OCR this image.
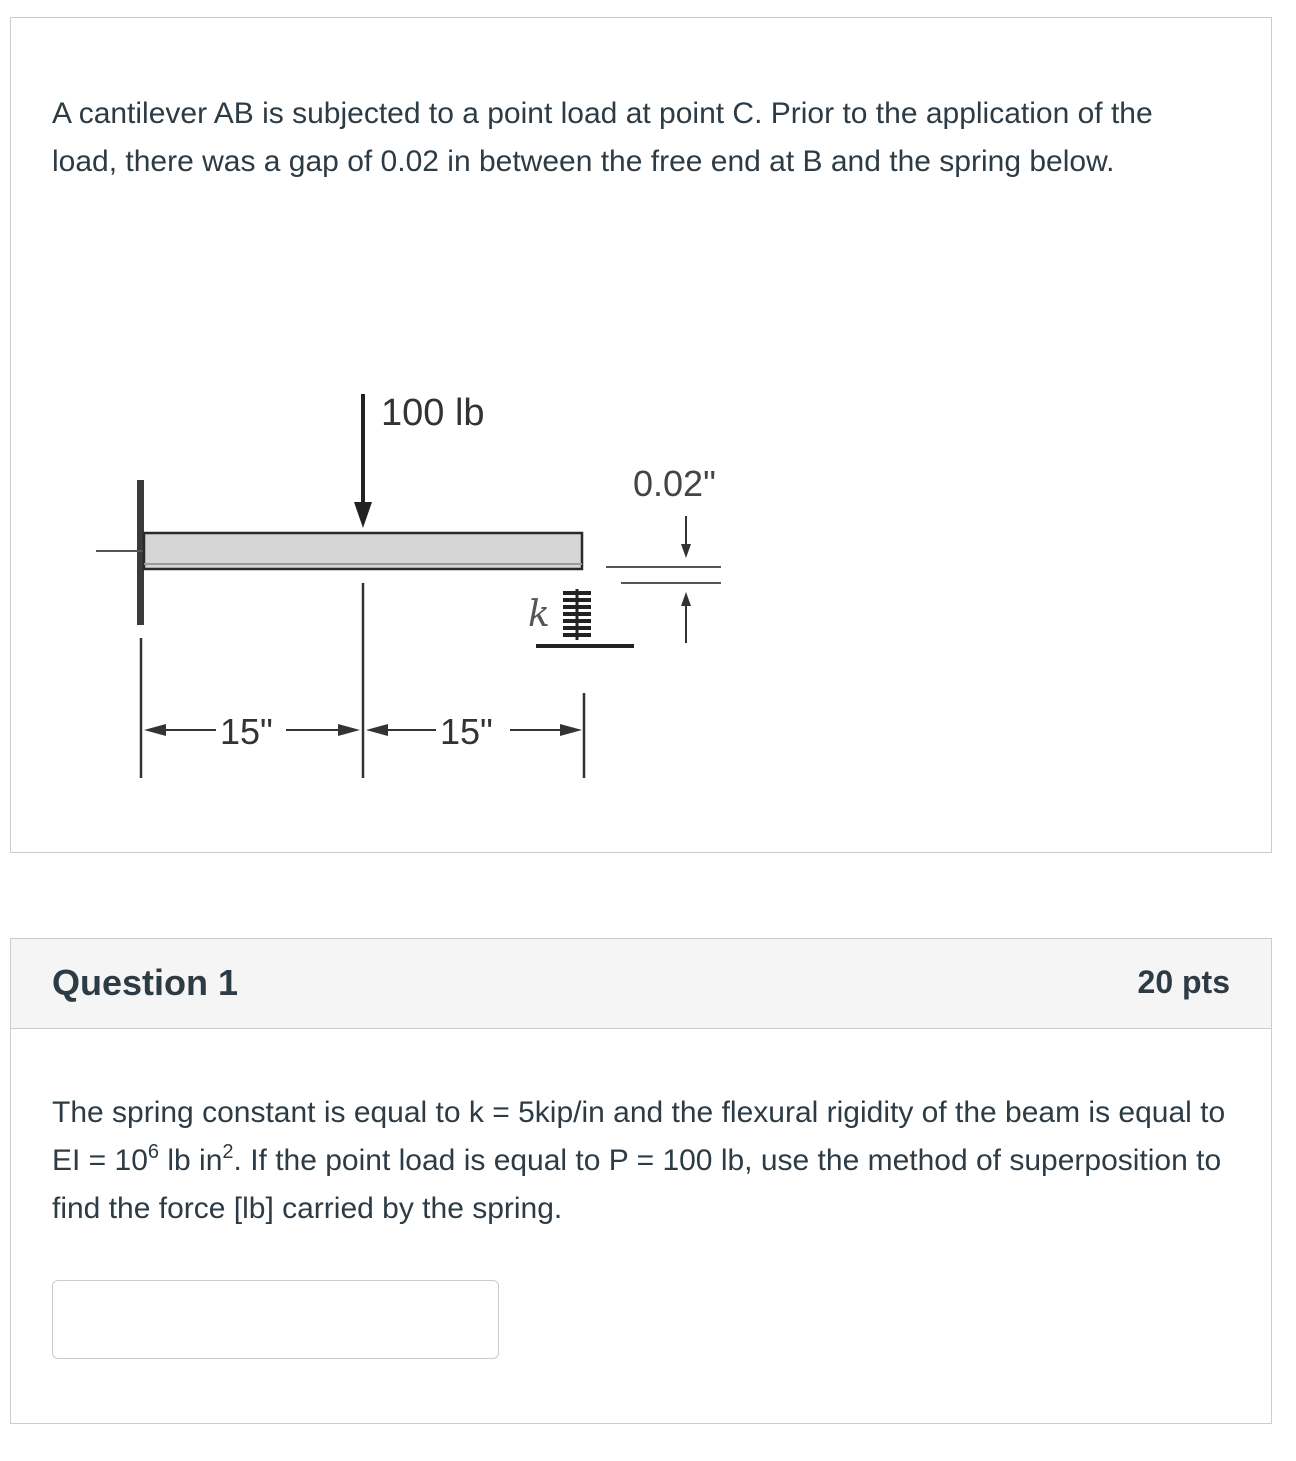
A cantilever AB is subjected to a point load at point C. Prior to the application of the load, there was a gap of 0.02 in between the free end at B and the spring below.
100 lb
0.02"
k
15"	15"
Question 1	20 pts
The spring constant is equal to k = 5kip/in and the flexural rigidity of the beam is equal to EI = $10^6$ lb $in^2$. If the point load is equal to P = 100 lb, use the method of superposition to find the force [lb] carried by the spring.
